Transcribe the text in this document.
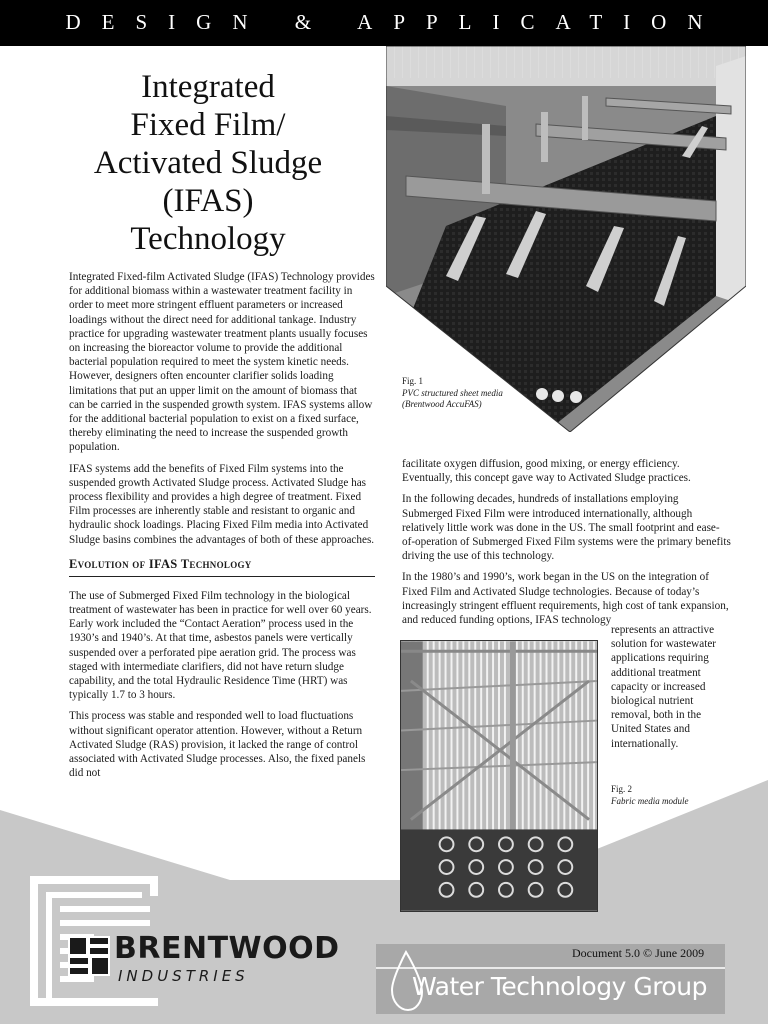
DESIGN & APPLICATION
Integrated
Fixed Film/
Activated Sludge
(IFAS)
Technology
Fig. 1
PVC structured sheet media (Brentwood AccuFAS)

Integrated Fixed-film Activated Sludge (IFAS) Technology provides for additional biomass within a wastewater treatment facility in order to meet more stringent effluent parameters or increased loadings without the direct need for additional tankage. Industry practice for upgrading wastewater treatment plants usually focuses on increasing the bioreactor volume to provide the additional bacterial population required to meet the system kinetic needs. However, designers often encounter clarifier solids loading limitations that put an upper limit on the amount of biomass that can be carried in the suspended growth system. IFAS systems allow for the additional bacterial population to exist on a fixed surface, thereby eliminating the need to increase the suspended growth population.

IFAS systems add the benefits of Fixed Film systems into the suspended growth Activated Sludge process. Activated Sludge has process flexibility and provides a high degree of treatment. Fixed Film processes are inherently stable and resistant to organic and hydraulic shock loadings. Placing Fixed Film media into Activated Sludge basins combines the advantages of both of these approaches.

Evolution of IFAS Technology

The use of Submerged Fixed Film technology in the biological treatment of wastewater has been in practice for well over 60 years. Early work included the “Contact Aeration” process used in the 1930’s and 1940’s. At that time, asbestos panels were vertically suspended over a perforated pipe aeration grid. The process was staged with intermediate clarifiers, did not have return sludge capability, and the total Hydraulic Residence Time (HRT) was typically 1.7 to 3 hours.

This process was stable and responded well to load fluctuations without significant operator attention. However, without a Return Activated Sludge (RAS) provision, it lacked the range of control associated with Activated Sludge processes. Also, the fixed panels did not

facilitate oxygen diffusion, good mixing, or energy efficiency. Eventually, this concept gave way to Activated Sludge practices.

In the following decades, hundreds of installations employing Submerged Fixed Film were introduced internationally, although relatively little work was done in the US. The small footprint and ease-of-operation of Submerged Fixed Film systems were the primary benefits driving the use of this technology.

In the 1980’s and 1990’s, work began in the US on the integration of Fixed Film and Activated Sludge technologies. Because of today’s increasingly stringent effluent requirements, high cost of tank expansion, and reduced funding options, IFAS technology

represents an attractive solution for wastewater applications requiring additional treatment capacity or increased biological nutrient removal, both in the United States and internationally.

Fig. 2
Fabric media module
BRENTWOOD
INDUSTRIES
Document 5.0 © June 2009
Water Technology Group
